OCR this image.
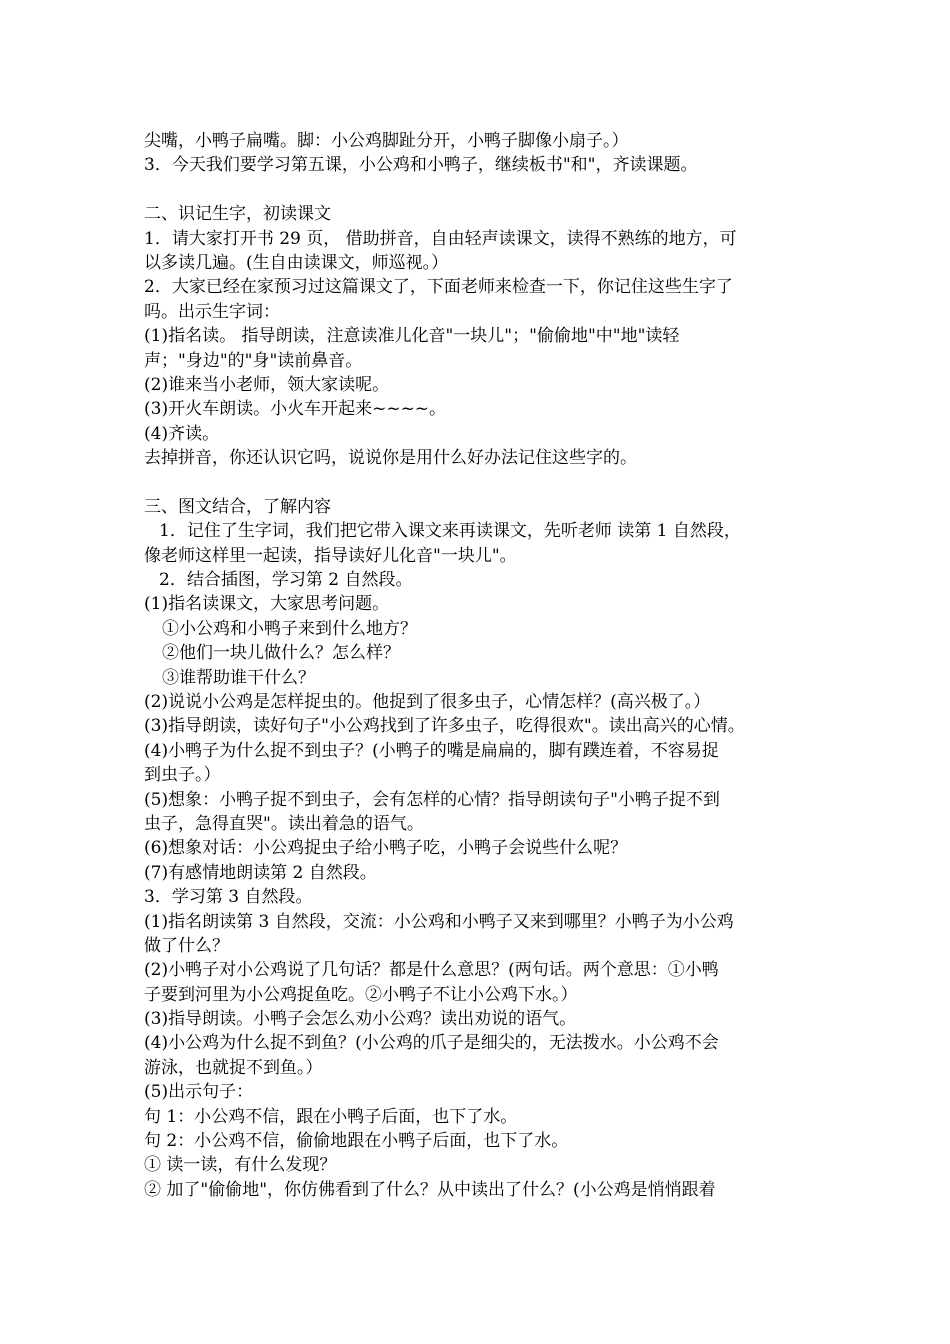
尖嘴，小鸭子扁嘴。脚：小公鸡脚趾分开，小鸭子脚像小扇子。）
3．今天我们要学习第五课，小公鸡和小鸭子，继续板书"和"，齐读课题。
二、识记生字，初读课文
1．请大家打开书 29 页， 借助拼音，自由轻声读课文，读得不熟练的地方，可
以多读几遍。(生自由读课文，师巡视。）
2．大家已经在家预习过这篇课文了，下面老师来检查一下，你记住这些生字了
吗。出示生字词：
(1)指名读。 指导朗读，注意读准儿化音"一块儿"；"偷偷地"中"地"读轻
声；"身边"的"身"读前鼻音。
(2)谁来当小老师，领大家读呢。
(3)开火车朗读。小火车开起来~~~~。
(4)齐读。
去掉拼音，你还认识它吗，说说你是用什么好办法记住这些字的。
三、图文结合，了解内容
1．记住了生字词，我们把它带入课文来再读课文，先听老师 读第 1 自然段，
像老师这样里一起读，指导读好儿化音"一块儿"。
2．结合插图，学习第 2 自然段。
(1)指名读课文，大家思考问题。
①小公鸡和小鸭子来到什么地方？
②他们一块儿做什么？怎么样？
③谁帮助谁干什么？
(2)说说小公鸡是怎样捉虫的。他捉到了很多虫子，心情怎样？(高兴极了。）
(3)指导朗读，读好句子"小公鸡找到了许多虫子，吃得很欢"。读出高兴的心情。
(4)小鸭子为什么捉不到虫子？(小鸭子的嘴是扁扁的，脚有蹼连着，不容易捉
到虫子。）
(5)想象：小鸭子捉不到虫子，会有怎样的心情？指导朗读句子"小鸭子捉不到
虫子，急得直哭"。读出着急的语气。
(6)想象对话：小公鸡捉虫子给小鸭子吃，小鸭子会说些什么呢？
(7)有感情地朗读第 2 自然段。
3．学习第 3 自然段。
(1)指名朗读第 3 自然段，交流：小公鸡和小鸭子又来到哪里？小鸭子为小公鸡
做了什么？
(2)小鸭子对小公鸡说了几句话？都是什么意思？(两句话。两个意思：①小鸭
子要到河里为小公鸡捉鱼吃。②小鸭子不让小公鸡下水。）
(3)指导朗读。小鸭子会怎么劝小公鸡？读出劝说的语气。
(4)小公鸡为什么捉不到鱼？(小公鸡的爪子是细尖的，无法拨水。小公鸡不会
游泳，也就捉不到鱼。）
(5)出示句子：
句 1：小公鸡不信，跟在小鸭子后面，也下了水。
句 2：小公鸡不信，偷偷地跟在小鸭子后面，也下了水。
① 读一读，有什么发现？
② 加了"偷偷地"，你仿佛看到了什么？从中读出了什么？(小公鸡是悄悄跟着
